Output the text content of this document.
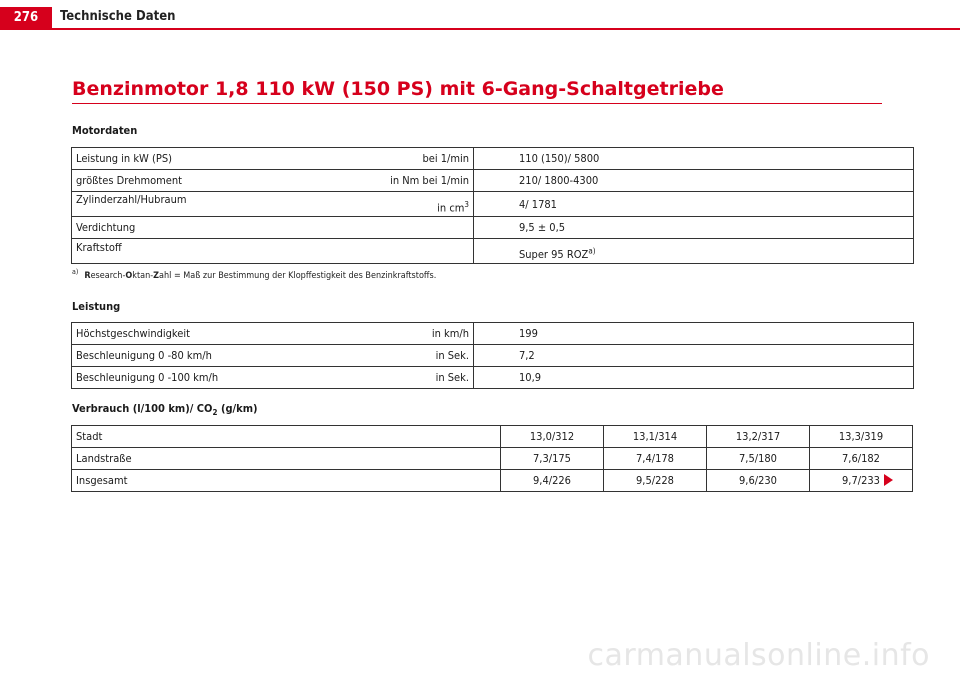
276	Technische Daten
Benzinmotor 1,8 110 kW (150 PS) mit 6-Gang-Schaltgetriebe
Motordaten
Leistung in kW (PS) bei 1/min	110 (150)/ 5800

größtes Drehmoment in Nm bei 1/min	210/ 1800-4300

Zylinderzahl/Hubraum
in $cm^3$	4/ 1781

Verdichtung	9,5 ± 0,5

Kraftstoff	Super 95 ROZ$^{a)}$
$^{a)}$ Research-Oktan-Zahl = Maß zur Bestimmung der Klopffestigkeit des Benzinkraftstoffs.
Leistung
Höchstgeschwindigkeit in km/h	199

Beschleunigung 0 -80 km/h in Sek.	7,2

Beschleunigung 0 -100 km/h in Sek.	10,9
Verbrauch (l/100 km)/ $CO_2$ (g/km)
Stadt	13,0/312	13,1/314	13,2/317	13,3/319
Landstraße	7,3/175	7,4/178	7,5/180	7,6/182
Insgesamt	9,4/226	9,5/228	9,6/230	9,7/233
carmanualsonline.info
